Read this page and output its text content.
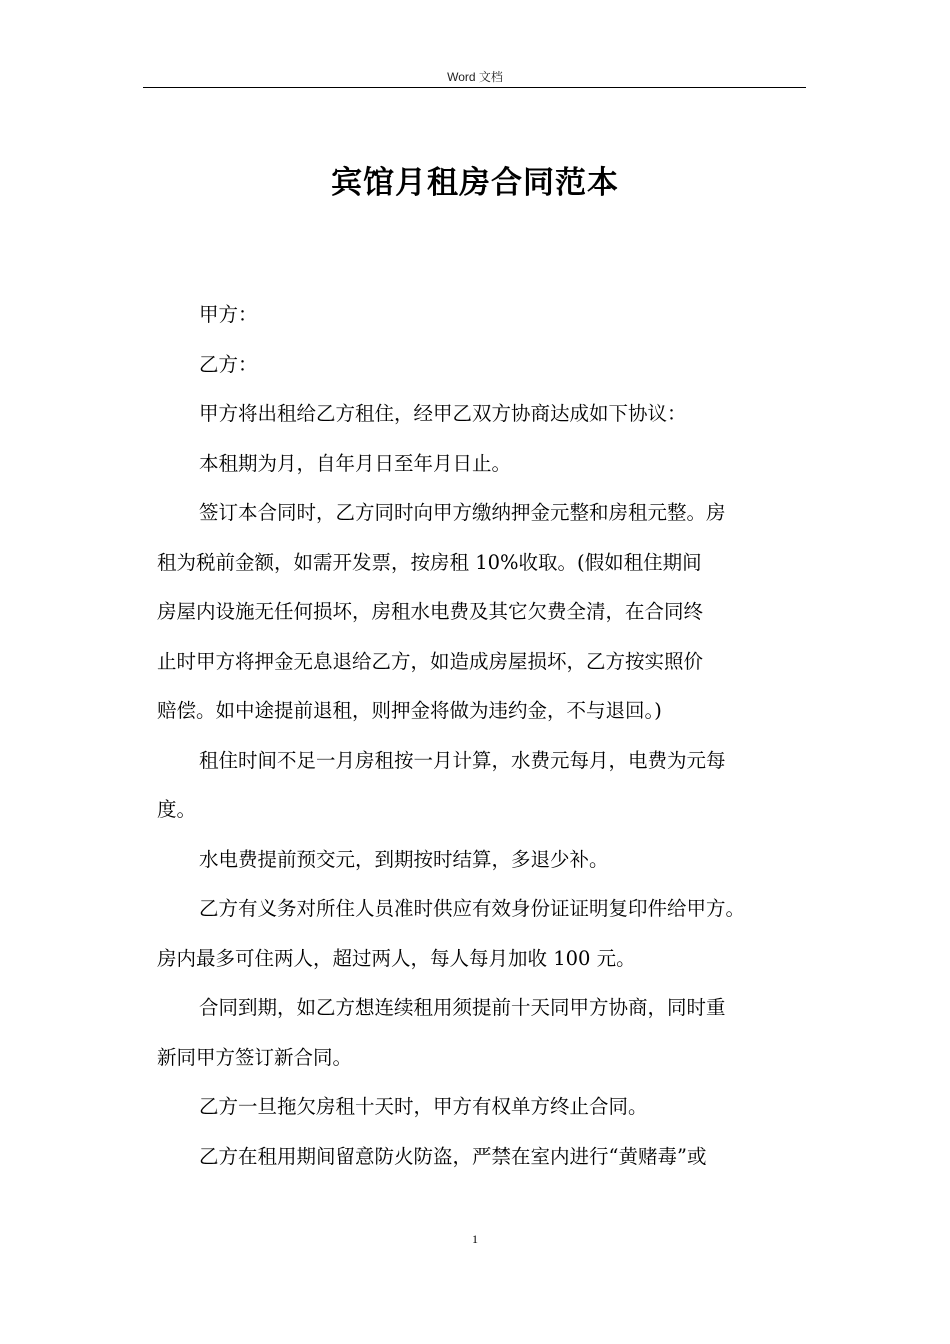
Word 文档
宾馆月租房合同范本
甲方：
乙方：
甲方将出租给乙方租住，经甲乙双方协商达成如下协议：
本租期为月，自年月日至年月日止。
签订本合同时，乙方同时向甲方缴纳押金元整和房租元整。房
租为税前金额，如需开发票，按房租 10%收取。(假如租住期间
房屋内设施无任何损坏，房租水电费及其它欠费全清，在合同终
止时甲方将押金无息退给乙方，如造成房屋损坏，乙方按实照价
赔偿。如中途提前退租，则押金将做为违约金，不与退回。)
租住时间不足一月房租按一月计算，水费元每月，电费为元每
度。
水电费提前预交元，到期按时结算，多退少补。
乙方有义务对所住人员准时供应有效身份证证明复印件给甲方。
房内最多可住两人，超过两人，每人每月加收 100 元。
合同到期，如乙方想连续租用须提前十天同甲方协商，同时重
新同甲方签订新合同。
乙方一旦拖欠房租十天时，甲方有权单方终止合同。
乙方在租用期间留意防火防盗，严禁在室内进行“黄赌毒”或
1
